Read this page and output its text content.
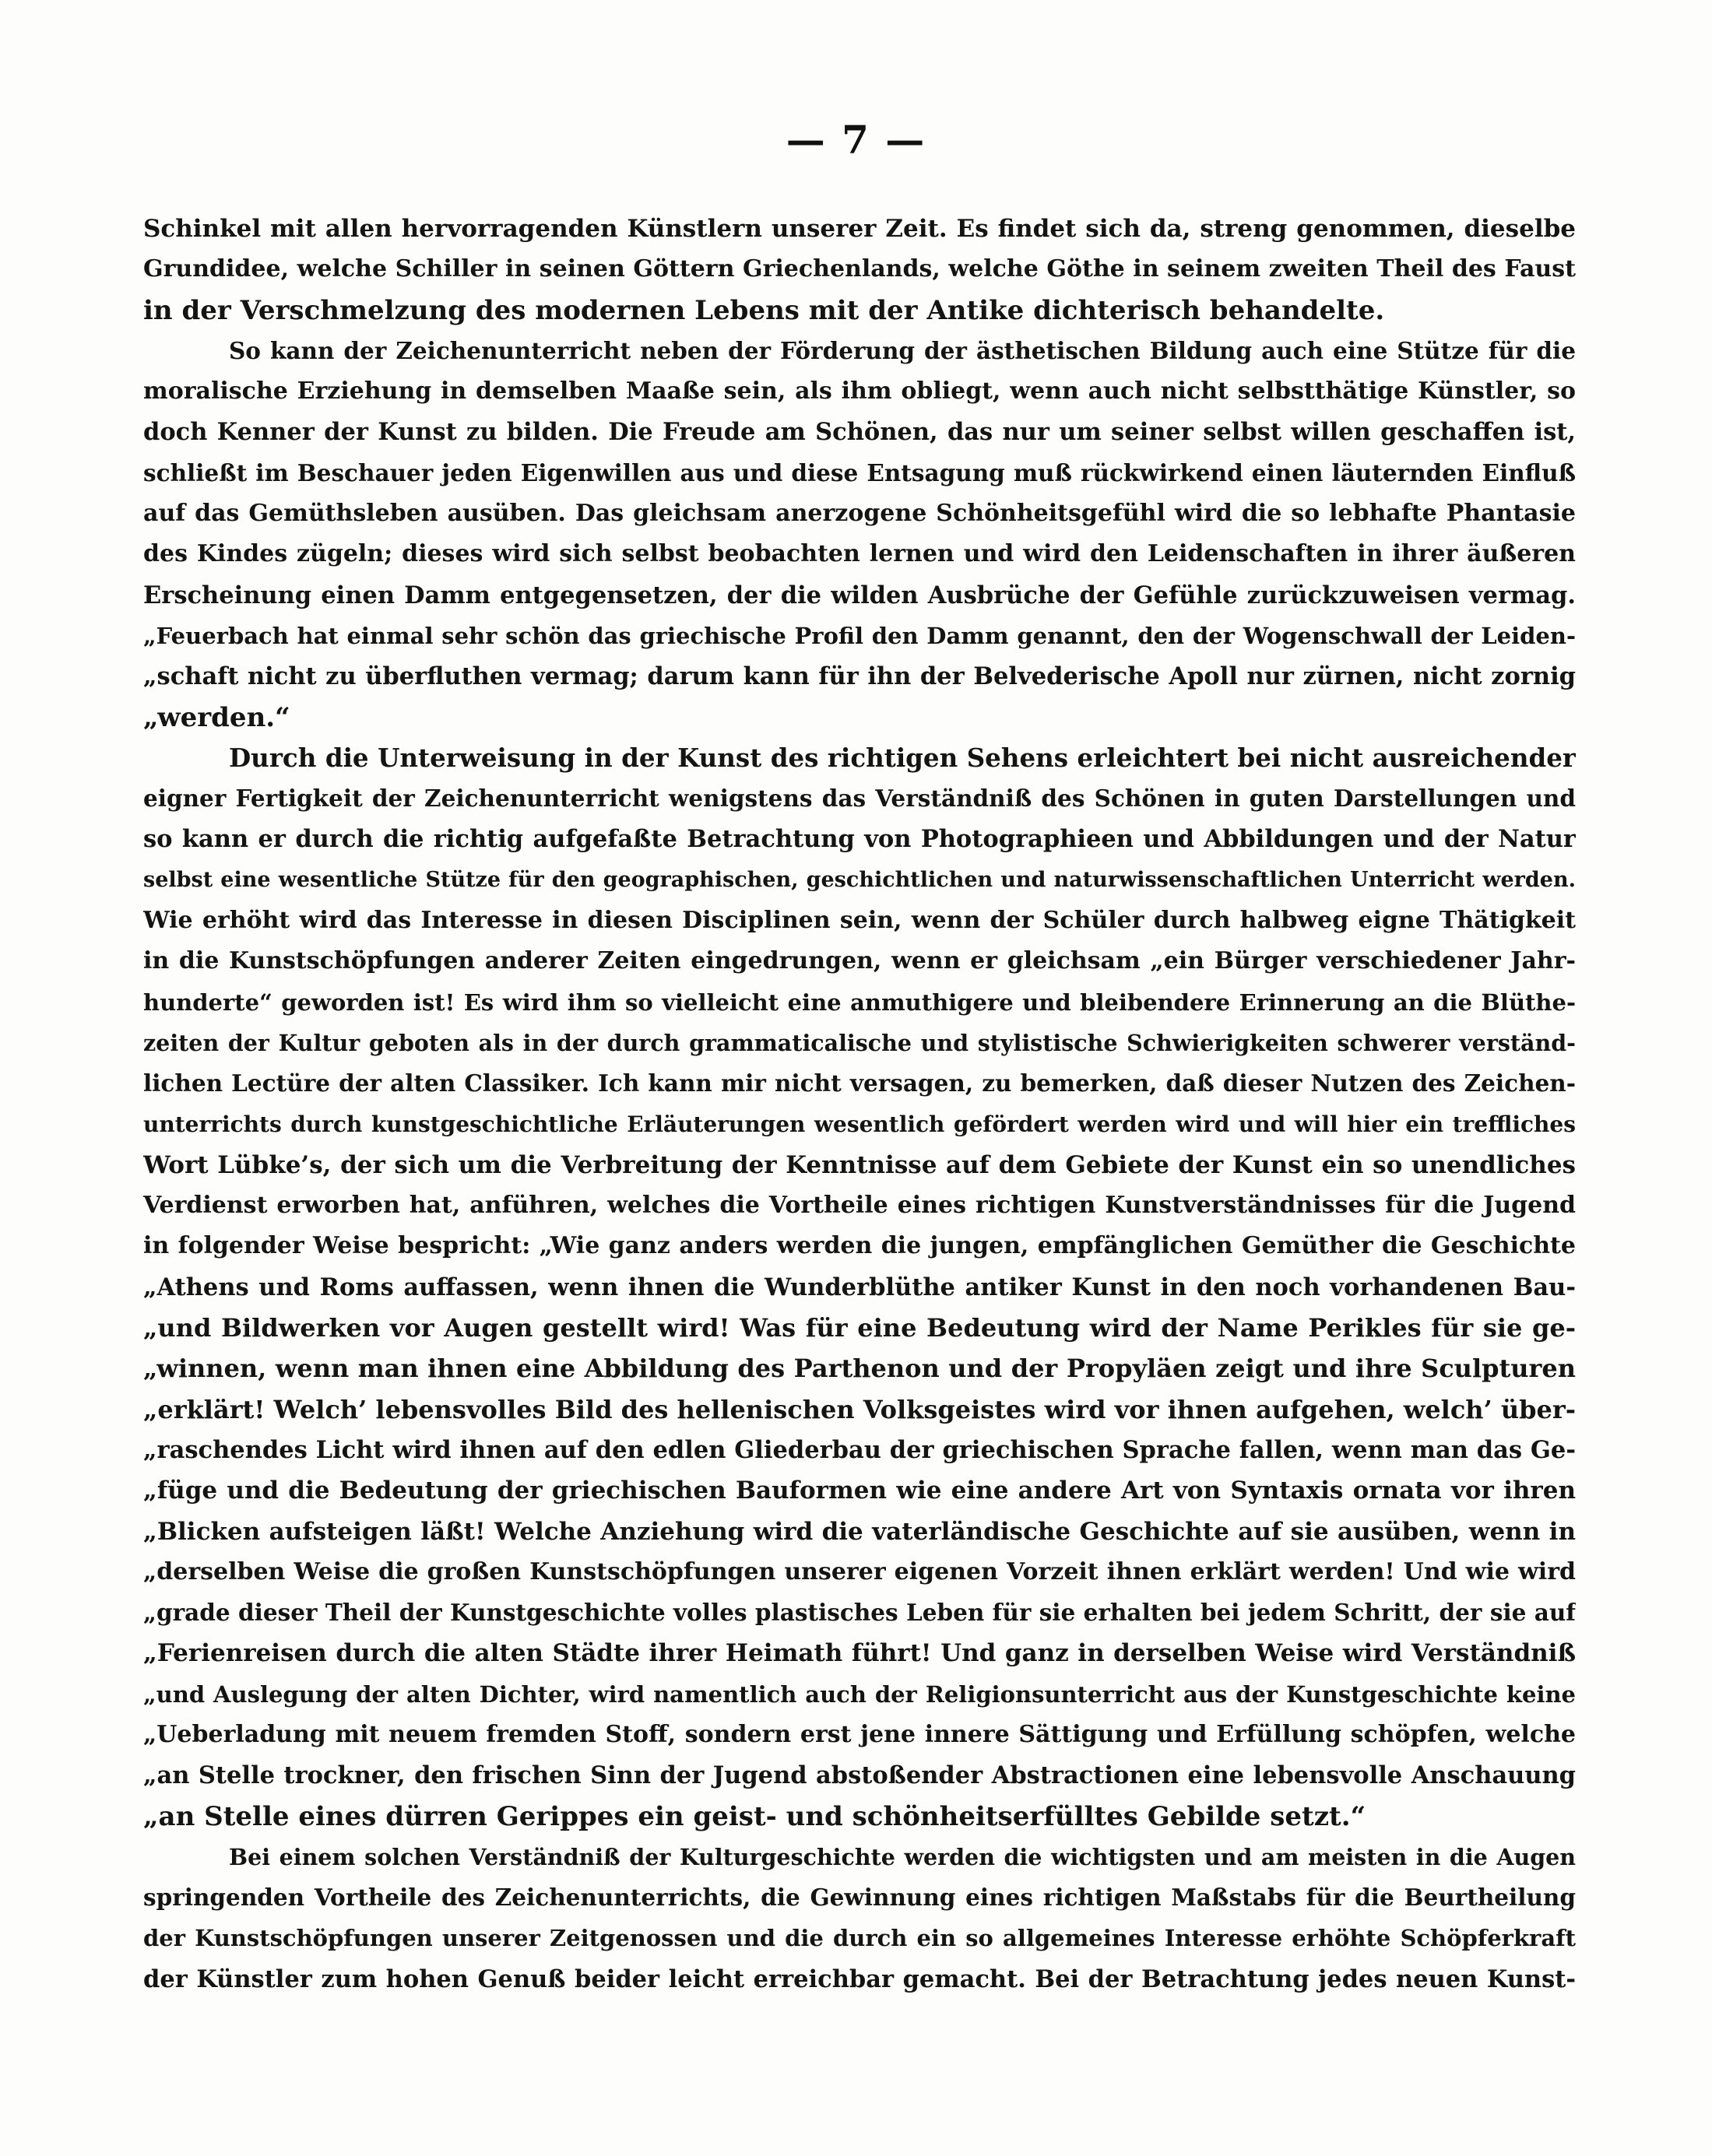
— 7 —
Schinkel mit allen hervorragenden Künstlern unserer Zeit. Es findet sich da, streng genommen, dieselbe
Grundidee, welche Schiller in seinen Göttern Griechenlands, welche Göthe in seinem zweiten Theil des Faust
in der Verschmelzung des modernen Lebens mit der Antike dichterisch behandelte.
So kann der Zeichenunterricht neben der Förderung der ästhetischen Bildung auch eine Stütze für die
moralische Erziehung in demselben Maaße sein, als ihm obliegt, wenn auch nicht selbstthätige Künstler, so
doch Kenner der Kunst zu bilden. Die Freude am Schönen, das nur um seiner selbst willen geschaffen ist,
schließt im Beschauer jeden Eigenwillen aus und diese Entsagung muß rückwirkend einen läuternden Einfluß
auf das Gemüthsleben ausüben. Das gleichsam anerzogene Schönheitsgefühl wird die so lebhafte Phantasie
des Kindes zügeln; dieses wird sich selbst beobachten lernen und wird den Leidenschaften in ihrer äußeren
Erscheinung einen Damm entgegensetzen, der die wilden Ausbrüche der Gefühle zurückzuweisen vermag.
„Feuerbach hat einmal sehr schön das griechische Profil den Damm genannt, den der Wogenschwall der Leiden-
„schaft nicht zu überfluthen vermag; darum kann für ihn der Belvederische Apoll nur zürnen, nicht zornig
„werden.“
Durch die Unterweisung in der Kunst des richtigen Sehens erleichtert bei nicht ausreichender
eigner Fertigkeit der Zeichenunterricht wenigstens das Verständniß des Schönen in guten Darstellungen und
so kann er durch die richtig aufgefaßte Betrachtung von Photographieen und Abbildungen und der Natur
selbst eine wesentliche Stütze für den geographischen, geschichtlichen und naturwissenschaftlichen Unterricht werden.
Wie erhöht wird das Interesse in diesen Disciplinen sein, wenn der Schüler durch halbweg eigne Thätigkeit
in die Kunstschöpfungen anderer Zeiten eingedrungen, wenn er gleichsam „ein Bürger verschiedener Jahr-
hunderte“ geworden ist! Es wird ihm so vielleicht eine anmuthigere und bleibendere Erinnerung an die Blüthe-
zeiten der Kultur geboten als in der durch grammaticalische und stylistische Schwierigkeiten schwerer verständ-
lichen Lectüre der alten Classiker. Ich kann mir nicht versagen, zu bemerken, daß dieser Nutzen des Zeichen-
unterrichts durch kunstgeschichtliche Erläuterungen wesentlich gefördert werden wird und will hier ein treffliches
Wort Lübke’s, der sich um die Verbreitung der Kenntnisse auf dem Gebiete der Kunst ein so unendliches
Verdienst erworben hat, anführen, welches die Vortheile eines richtigen Kunstverständnisses für die Jugend
in folgender Weise bespricht: „Wie ganz anders werden die jungen, empfänglichen Gemüther die Geschichte
„Athens und Roms auffassen, wenn ihnen die Wunderblüthe antiker Kunst in den noch vorhandenen Bau-
„und Bildwerken vor Augen gestellt wird! Was für eine Bedeutung wird der Name Perikles für sie ge-
„winnen, wenn man ihnen eine Abbildung des Parthenon und der Propyläen zeigt und ihre Sculpturen
„erklärt! Welch’ lebensvolles Bild des hellenischen Volksgeistes wird vor ihnen aufgehen, welch’ über-
„raschendes Licht wird ihnen auf den edlen Gliederbau der griechischen Sprache fallen, wenn man das Ge-
„füge und die Bedeutung der griechischen Bauformen wie eine andere Art von Syntaxis ornata vor ihren
„Blicken aufsteigen läßt! Welche Anziehung wird die vaterländische Geschichte auf sie ausüben, wenn in
„derselben Weise die großen Kunstschöpfungen unserer eigenen Vorzeit ihnen erklärt werden! Und wie wird
„grade dieser Theil der Kunstgeschichte volles plastisches Leben für sie erhalten bei jedem Schritt, der sie auf
„Ferienreisen durch die alten Städte ihrer Heimath führt! Und ganz in derselben Weise wird Verständniß
„und Auslegung der alten Dichter, wird namentlich auch der Religionsunterricht aus der Kunstgeschichte keine
„Ueberladung mit neuem fremden Stoff, sondern erst jene innere Sättigung und Erfüllung schöpfen, welche
„an Stelle trockner, den frischen Sinn der Jugend abstoßender Abstractionen eine lebensvolle Anschauung
„an Stelle eines dürren Gerippes ein geist- und schönheitserfülltes Gebilde setzt.“
Bei einem solchen Verständniß der Kulturgeschichte werden die wichtigsten und am meisten in die Augen
springenden Vortheile des Zeichenunterrichts, die Gewinnung eines richtigen Maßstabs für die Beurtheilung
der Kunstschöpfungen unserer Zeitgenossen und die durch ein so allgemeines Interesse erhöhte Schöpferkraft
der Künstler zum hohen Genuß beider leicht erreichbar gemacht. Bei der Betrachtung jedes neuen Kunst-
